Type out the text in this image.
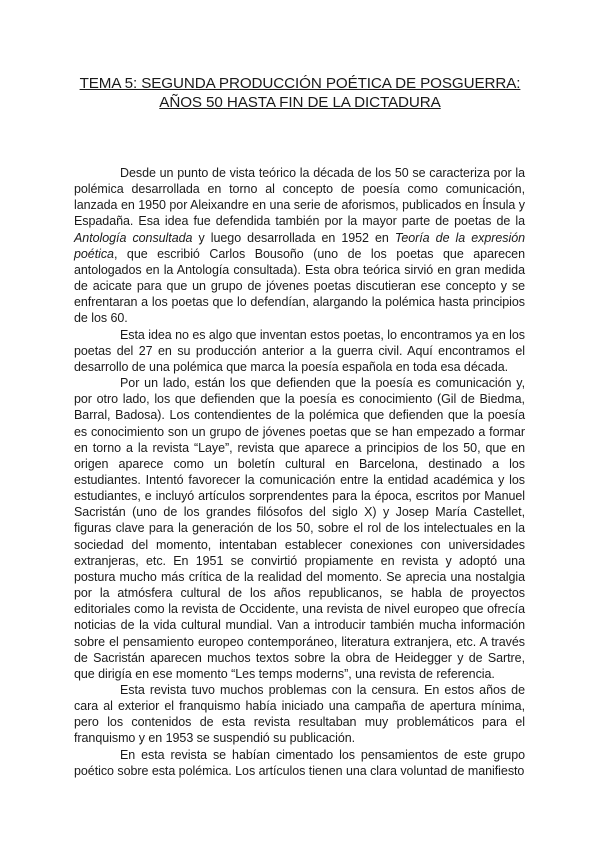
TEMA 5: SEGUNDA PRODUCCIÓN POÉTICA DE POSGUERRA:
AÑOS 50 HASTA FIN DE LA DICTADURA

Desde un punto de vista teórico la década de los 50 se caracteriza por la polémica desarrollada en torno al concepto de poesía como comunicación, lanzada en 1950 por Aleixandre en una serie de aforismos, publicados en Ínsula y Espadaña. Esa idea fue defendida también por la mayor parte de poetas de la Antología consultada y luego desarrollada en 1952 en Teoría de la expresión poética, que escribió Carlos Bousoño (uno de los poetas que aparecen antologados en la Antología consultada). Esta obra teórica sirvió en gran medida de acicate para que un grupo de jóvenes poetas discutieran ese concepto y se enfrentaran a los poetas que lo defendían, alargando la polémica hasta principios de los 60.

Esta idea no es algo que inventan estos poetas, lo encontramos ya en los poetas del 27 en su producción anterior a la guerra civil. Aquí encontramos el desarrollo de una polémica que marca la poesía española en toda esa década.

Por un lado, están los que defienden que la poesía es comunicación y, por otro lado, los que defienden que la poesía es conocimiento (Gil de Biedma, Barral, Badosa). Los contendientes de la polémica que defienden que la poesía es conocimiento son un grupo de jóvenes poetas que se han empezado a formar en torno a la revista “Laye”, revista que aparece a principios de los 50, que en origen aparece como un boletín cultural en Barcelona, destinado a los estudiantes. Intentó favorecer la comunicación entre la entidad académica y los estudiantes, e incluyó artículos sorprendentes para la época, escritos por Manuel Sacristán (uno de los grandes filósofos del siglo X) y Josep María Castellet, figuras clave para la generación de los 50, sobre el rol de los intelectuales en la sociedad del momento, intentaban establecer conexiones con universidades extranjeras, etc. En 1951 se convirtió propiamente en revista y adoptó una postura mucho más crítica de la realidad del momento. Se aprecia una nostalgia por la atmósfera cultural de los años republicanos, se habla de proyectos editoriales como la revista de Occidente, una revista de nivel europeo que ofrecía noticias de la vida cultural mundial. Van a introducir también mucha información sobre el pensamiento europeo contemporáneo, literatura extranjera, etc. A través de Sacristán aparecen muchos textos sobre la obra de Heidegger y de Sartre, que dirigía en ese momento “Les temps moderns”, una revista de referencia.

Esta revista tuvo muchos problemas con la censura. En estos años de cara al exterior el franquismo había iniciado una campaña de apertura mínima, pero los contenidos de esta revista resultaban muy problemáticos para el franquismo y en 1953 se suspendió su publicación.

En esta revista se habían cimentado los pensamientos de este grupo poético sobre esta polémica. Los artículos tienen una clara voluntad de manifiesto
